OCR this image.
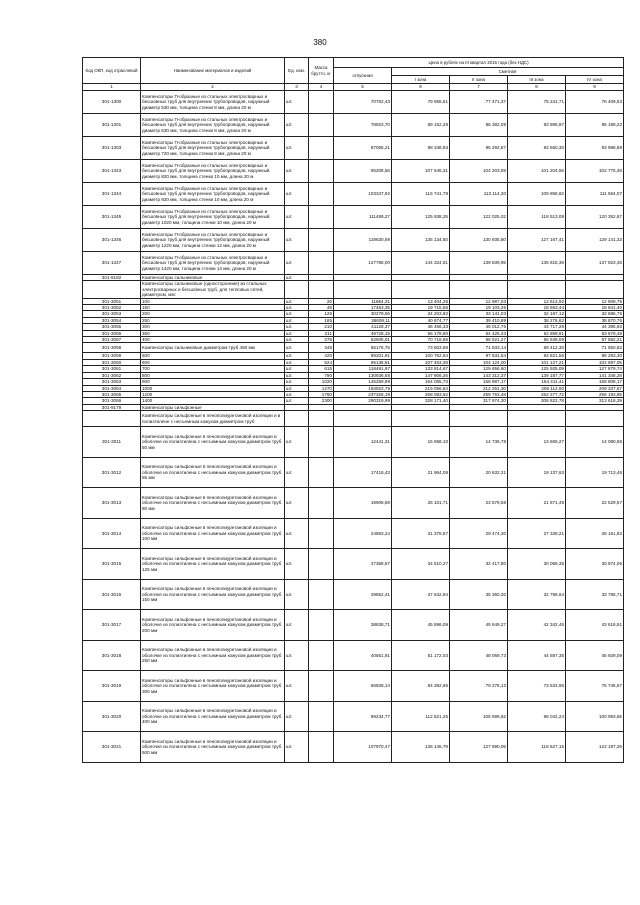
380
Код ОКП, код отраслевой	Наименование материалов и изделий	Ед. изм.	Масса брутто, кг	Цена в рублях на III квартал 2016 года (без НДС)				
				отпускная	Сметная			
					I зона	II зона	III зона	IV зона
1	2	3	4	5	6	7	8	9
301-1300	Компенсаторы П-образные из стальных электросварных и бесшовных труб для внутренних трубопроводов, наружный диаметр 530 мм, толщина стенки 8 мм, длина 20 м	шт.		70762,43	79 955,61	77 471,37	75 241,71	76 409,53
301-1301	Компенсаторы П-образные из стальных электросварных и бесшовных труб для внутренних трубопроводов, наружный диаметр 630 мм, толщина стенки 8 мм, длина 20 м	шт.		78923,70	89 152,29	86 382,09	83 895,97	85 198,22
301-1303	Компенсаторы П-образные из стальных электросварных и бесшовных труб для внутренних трубопроводов, наружный диаметр 720 мм, толщина стенки 8 мм, длина 20 м	шт.		87065,21	98 348,93	95 292,87	92 550,30	93 986,88
301-1343	Компенсаторы П-образные из стальных электросварных и бесшовных труб для внутренних трубопроводов, наружный диаметр 820 мм, толщина стенки 10 мм, длина 20 м	шт.		95206,56	107 545,31	104 203,59	101 204,56	102 775,48
301-1344	Компенсаторы П-образные из стальных электросварных и бесшовных труб для внутренних трубопроводов, наружный диаметр 920 мм, толщина стенки 10 мм, длина 20 м	шт.		103347,92	116 741,78	113 114,30	109 858,82	111 564,07
301-1345	Компенсаторы П-образные из стальных электросварных и бесшовных труб для внутренних трубопроводов, наружный диаметр 1020 мм, толщина стенки 10 мм, длина 20 м	шт.		111489,27	125 938,25	122 025,02	118 513,08	120 352,67
301-1346	Компенсаторы П-образные из стальных электросварных и бесшовных труб для внутренних трубопроводов, наружный диаметр 1220 мм, толщина стенки 12 мм, длина 20 м	шт.		119630,69	135 134,50	130 935,80	127 167,41	129 141,33
301-1347	Компенсаторы П-образные из стальных электросварных и бесшовных труб для внутренних трубопроводов, наружный диаметр 1420 мм, толщина стенки 14 мм, длина 20 м	шт.		127786,00	144 324,51	139 839,95	135 815,39	137 923,45
301-9182	Компенсаторы сальниковые	шт.						
	Компенсаторы сальниковые (односторонние) из стальных электросварных и бесшовных труб, для тепловых сетей, диаметром, мм:							
301-3051	100	шт.	26	11864,31	13 404,26	12 987,03	12 613,92	12 809,75
301-3052	150	шт.	48	17453,35	19 715,56	19 103,26	18 553,44	18 841,40
301-3053	200	шт.	125	30279,56	34 203,82	33 141,03	32 187,12	32 686,76
301-3054	250	шт.	165	36608,11	40 874,77	39 410,89	38 276,62	38 870,76
301-3055	300	шт.	210	41128,37	46 456,33	45 012,76	43 717,28	44 395,92
301-3056	350	шт.	211	49728,15	56 178,80	54 425,33	52 858,91	53 679,48
301-3057	400	шт.	276	62605,01	70 718,86	68 521,27	66 549,09	67 582,21
301-3058	Компенсаторы сальниковые диаметром труб 450 мм	шт.	348	65176,75	73 603,88	71 833,14	69 412,30	71 550,82
301-3059	500	шт.	420	89201,91	100 762,54	97 631,54	94 821,56	96 293,30
301-3060	600	шт.	524	95135,91	107 463,28	104 124,00	101 127,21	102 697,05
301-3061	700	шт.	615	118481,97	133 814,67	129 656,60	125 925,09	127 879,74
301-3062	800	шт.	790	130936,58	147 906,26	143 312,37	139 187,77	141 348,28
301-3063	900	шт.	1020	145259,99	164 085,73	158 987,17	154 411,41	156 808,17
301-3064	1000	шт.	1270	193923,79	219 056,84	212 251,30	206 112,60	209 337,67
301-3065	1200	шт.	1760	237326,19	268 083,62	259 753,48	252 277,72	256 193,85
301-3066	1400	шт.	2300	290319,99	328 171,40	317 974,20	308 822,78	313 616,39
301-9179	Компенсаторы сильфонные							
	Компенсаторы сильфонные в пенополиуретановой изоляции и в полиэтилене с несъемным кожухом диаметром труб							
301-3011	Компенсаторы сильфонные в пенополиуретановой изоляции и оболочке из полиэтилена с несъемным кожухом диаметром труб 50 мм	шт.		12441,31	15 658,10	14 736,78	13 669,27	14 080,56
301-3012	Компенсаторы сильфонные в пенополиуретановой изоляции и оболочке из полиэтилена с несъемным кожухом диаметром труб 65 мм	шт.		17418,43	21 964,09	20 632,21	19 137,63	19 713,46
301-3013	Компенсаторы сильфонные в пенополиуретановой изоляции и оболочке из полиэтилена с несъемным кожухом диаметром труб 80 мм	шт.		19906,69	25 101,71	23 579,58	21 871,49	22 529,57
301-3014	Компенсаторы сильфонные в пенополиуретановой изоляции и оболочке из полиэтилена с несъемным кожухом диаметром труб 100 мм	шт.		24883,24	31 376,57	29 474,30	27 339,21	28 161,82
301-3015	Компенсаторы сильфонные в пенополиуретановой изоляции и оболочке из полиэтилена с несъемным кожухом диаметром труб 125 мм	шт.		27368,67	34 510,27	32 417,80	30 069,35	30 974,05
301-3016	Компенсаторы сильфонные в пенополиуретановой изоляции и оболочке из полиэтилена с несъемным кожухом диаметром труб 150 мм	шт.		29852,41	37 642,94	35 360,30	32 798,64	33 785,71
301-3017	Компенсаторы сильфонные в пенополиуретановой изоляции и оболочке из полиэтилена с несъемным кожухом диаметром труб 200 мм	шт.		38838,71	45 596,09	45 649,27	42 342,46	43 616,51
301-3018	Компенсаторы сильфонные в пенополиуретановой изоляции и оболочке из полиэтилена с несъемным кожухом диаметром труб 250 мм	шт.		40561,91	51 172,03	48 069,73	44 587,35	45 929,09
301-3019	Компенсаторы сильфонные в пенополиуретановой изоляции и оболочке из полиэтилена с несъемным кожухом диаметром труб 300 мм	шт.		66928,14	84 392,65	79 276,13	73 533,95	75 746,67
301-3020	Компенсаторы сильфонные в пенополиуретановой изоляции и оболочке из полиэтилена с несъемным кожухом диаметром труб 400 мм	шт.		89234,77	112 521,25	105 699,62	98 042,24	100 993,65
301-3021	Компенсаторы сильфонные в пенополиуретановой изоляции и оболочке из полиэтилена с несъемным кожухом диаметром труб 500 мм	шт.		107970,47	136 145,79	127 890,05	118 627,15	122 197,25
